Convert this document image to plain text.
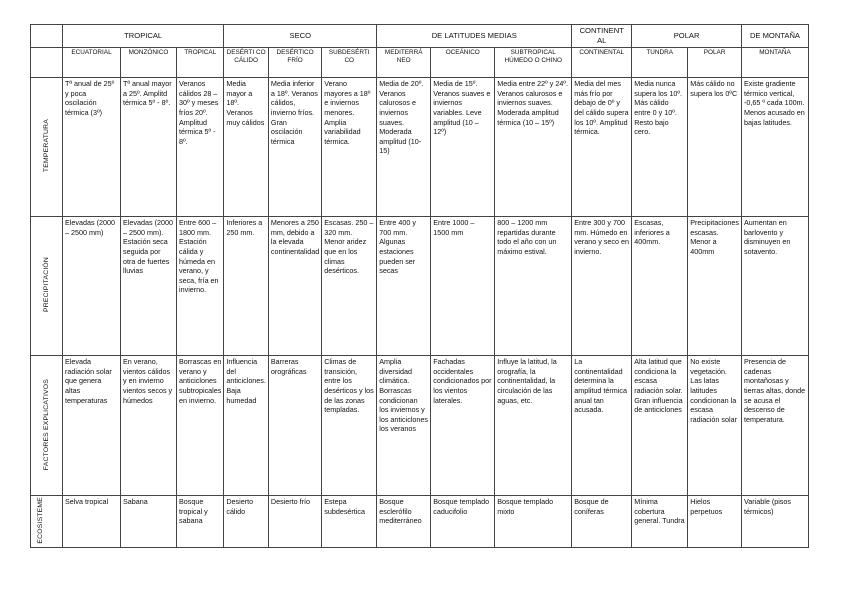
	TROPICAL			SECO			DE LATITUDES MEDIAS			CONTINENT AL	POLAR		DE MONTAÑA
	ECUATORIAL	MONZÓNICO	TROPICAL	DESÉRTI CO CÁLIDO	DESÉRTICO FRÍO	SUBDESÉRTI CO	MEDITERRÁ NEO	OCEÁNICO	SUBTROPICAL HÚMEDO O CHINO	CONTINENTAL	TUNDRA	POLAR	MONTAÑA
TEMPERATURA	Tª anual de 25º y poca oscilación térmica (3º)	Tª anual mayor a 25º. Amplitd térmica 5º - 8º.	Veranos cálidos 28 – 30º y meses fríos 20º. Amplitud térmica 5º - 8º.	Media mayor a 18º. Veranos muy cálidos	Media inferior a 18º. Veranos cálidos, invierno fríos. Gran oscilación térmica	Verano mayores a 18º e inviernos menores. Amplia variabilidad térmica.	Media de 20º. Veranos calurosos e inviernos suaves. Moderada amplitud (10-15)	Media de 15º. Veranos suaves e inviernos variables. Leve amplitud (10 – 12º)	Media entre 22º y 24º. Veranos calurosos e inviernos suaves. Moderada amplitud térmica (10 – 15º)	Media del mes más frío por debajo de 0º y del cálido supera los 10º. Amplitud térmica.	Media nunca supera los 10º. Más cálido entre 0 y 10º. Resto bajo cero.	Más cálido no supera los 0ºC	Existe gradiente térmico vertical, -0,65 º cada 100m. Menos acusado en bajas latitudes.
PRECIPITACIÓN	Elevadas (2000 – 2500 mm)	Elevadas (2000 – 2500 mm). Estación seca seguida por otra de fuertes lluvias	Entre 600 – 1800 mm. Estación cálida y húmeda en verano, y seca, fría en invierno.	Inferiores a 250 mm.	Menores a 250 mm, debido a la elevada continentalidad	Escasas. 250 – 320 mm. Menor aridez que en los climas desérticos.	Entre 400 y 700 mm. Algunas estaciones pueden ser secas	Entre 1000 – 1500 mm	800 – 1200 mm repartidas durante todo el año con un máximo estival.	Entre 300 y 700 mm. Húmedo en verano y seco en invierno.	Escasas, inferiores a 400mm.	Precipitaciones escasas. Menor a 400mm	Aumentan en barlovento y disminuyen en sotavento.
FACTORES EXPLICATIVOS	Elevada radiación solar que genera altas temperaturas	En verano, vientos cálidos y en invierno vientos secos y húmedos	Borrascas en verano y anticiclones subtropicales en invierno.	Influencia del anticiclones. Baja humedad	Barreras orográficas	Climas de transición, entre los desérticos y los de las zonas templadas.	Amplia diversidad climática. Borrascas condicionan los inviernos y los anticiclones los veranos	Fachadas occidentales condicionados por los vientos laterales.	Influye la latitud, la orografía, la continentalidad, la circulación de las aguas, etc.	La continentalidad determina la amplitud térmica anual tan acusada.	Alta latitud que condiciona la escasa radiación solar. Gran influencia de anticiclones	No existe vegetación. Las latas latitudes condicionan la escasa radiación solar	Presencia de cadenas montañosas y tierras altas, donde se acusa el descenso de temperatura.
ECOSISTEME	Selva tropical	Sabana	Bosque tropical y sabana	Desierto cálido	Desierto frío	Estepa subdesértica	Bosque esclerófilo mediterráneo	Bosque templado caducifolio	Bosque templado mixto	Bosque de coníferas	Mínima cobertura general. Tundra	Hielos perpetuos	Variable (pisos térmicos)
